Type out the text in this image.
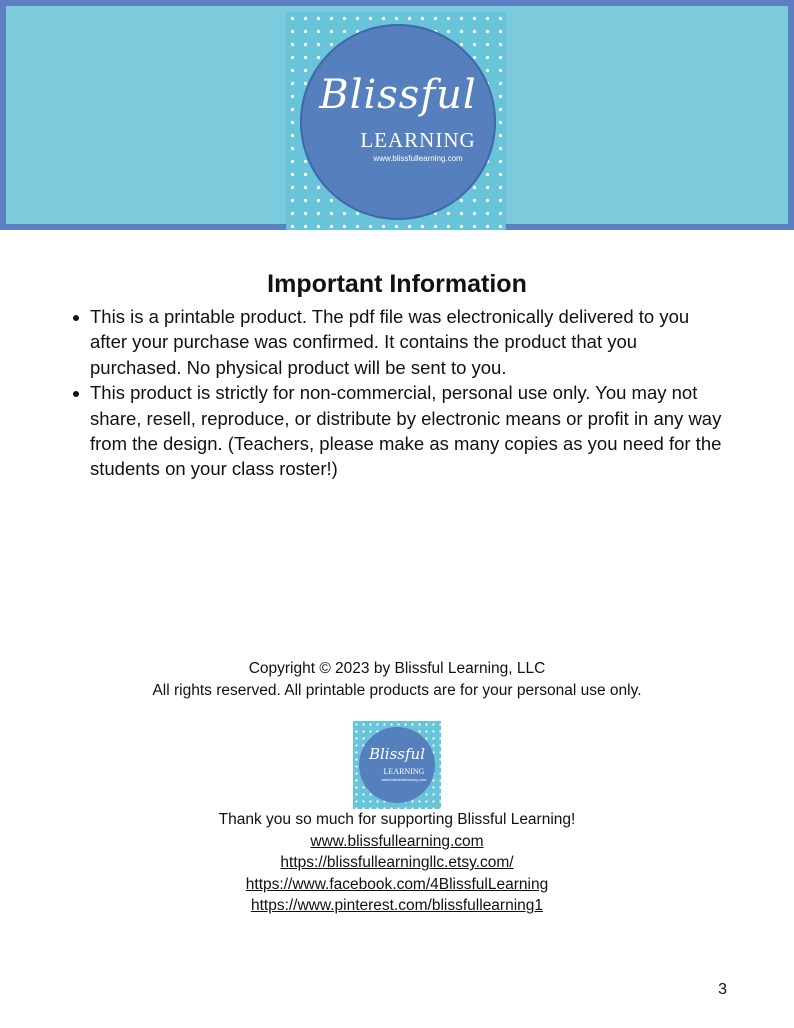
Blissful
LEARNING
www.blissfullearning.com
Important Information
This is a printable product. The pdf file was electronically delivered to you after your purchase was confirmed. It contains the product that you purchased. No physical product will be sent to you.
This product is strictly for non-commercial, personal use only. You may not share, resell, reproduce, or distribute by electronic means or profit in any way from the design. (Teachers, please make as many copies as you need for the students on your class roster!)
Copyright © 2023 by Blissful Learning, LLC
All rights reserved. All printable products are for your personal use only.
Blissful
LEARNING
www.blissfullearning.com
Thank you so much for supporting Blissful Learning!
www.blissfullearning.com
https://blissfullearningllc.etsy.com/
https://www.facebook.com/4BlissfulLearning
https://www.pinterest.com/blissfullearning1
3
